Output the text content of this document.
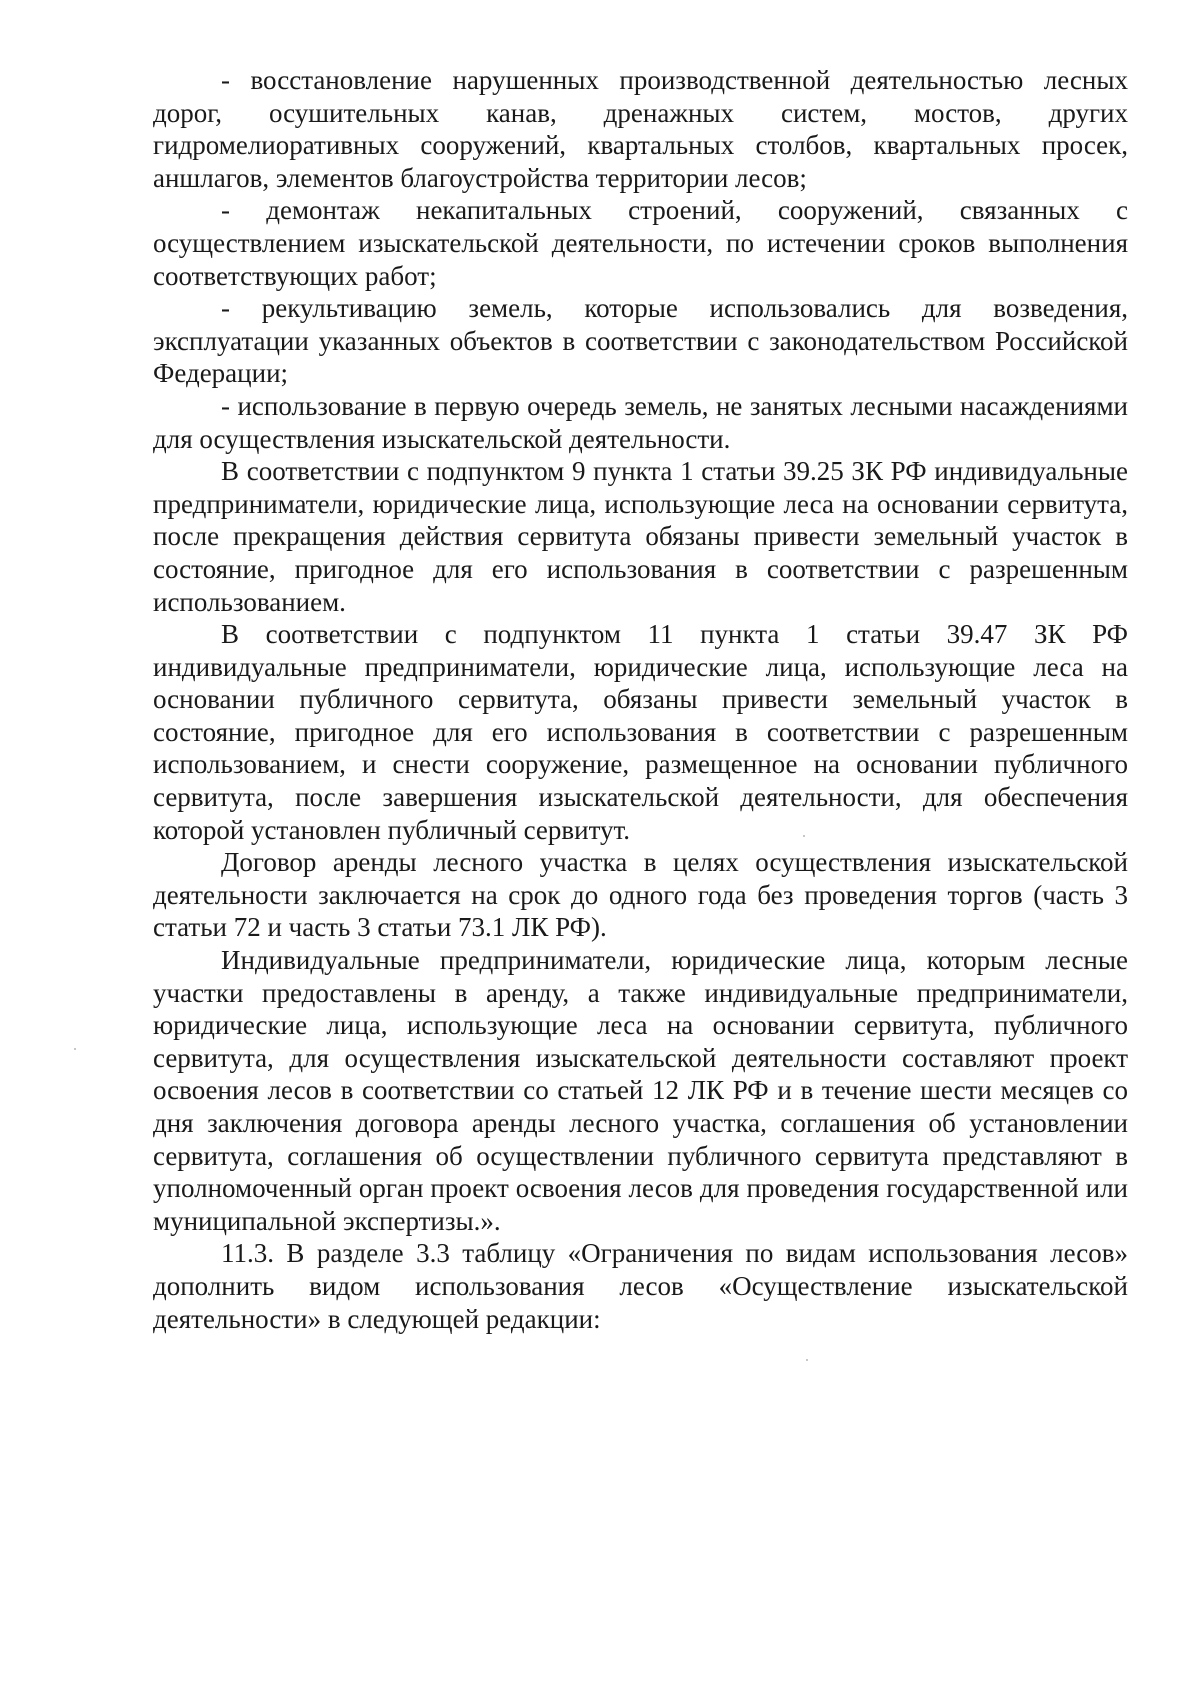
- восстановление нарушенных производственной деятельностью лесных дорог, осушительных канав, дренажных систем, мостов, других гидромелиоративных сооружений, квартальных столбов, квартальных просек, аншлагов, элементов благоустройства территории лесов;

- демонтаж некапитальных строений, сооружений, связанных с осуществлением изыскательской деятельности, по истечении сроков выполнения соответствующих работ;

- рекультивацию земель, которые использовались для возведения, эксплуатации указанных объектов в соответствии с законодательством Российской Федерации;

- использование в первую очередь земель, не занятых лесными насаждениями для осуществления изыскательской деятельности.

В соответствии с подпунктом 9 пункта 1 статьи 39.25 ЗК РФ индивидуальные предприниматели, юридические лица, использующие леса на основании сервитута, после прекращения действия сервитута обязаны привести земельный участок в состояние, пригодное для его использования в соответствии с разрешенным использованием.

В соответствии с подпунктом 11 пункта 1 статьи 39.47 ЗК РФ индивидуальные предприниматели, юридические лица, использующие леса на основании публичного сервитута, обязаны привести земельный участок в состояние, пригодное для его использования в соответствии с разрешенным использованием, и снести сооружение, размещенное на основании публичного сервитута, после завершения изыскательской деятельности, для обеспечения которой установлен публичный сервитут.

Договор аренды лесного участка в целях осуществления изыскательской деятельности заключается на срок до одного года без проведения торгов (часть 3 статьи 72 и часть 3 статьи 73.1 ЛК РФ).

Индивидуальные предприниматели, юридические лица, которым лесные участки предоставлены в аренду, а также индивидуальные предприниматели, юридические лица, использующие леса на основании сервитута, публичного сервитута, для осуществления изыскательской деятельности составляют проект освоения лесов в соответствии со статьей 12 ЛК РФ и в течение шести месяцев со дня заключения договора аренды лесного участка, соглашения об установлении сервитута, соглашения об осуществлении публичного сервитута представляют в уполномоченный орган проект освоения лесов для проведения государственной или муниципальной экспертизы.».

11.3. В разделе 3.3 таблицу «Ограничения по видам использования лесов» дополнить видом использования лесов «Осуществление изыскательской деятельности» в следующей редакции:
